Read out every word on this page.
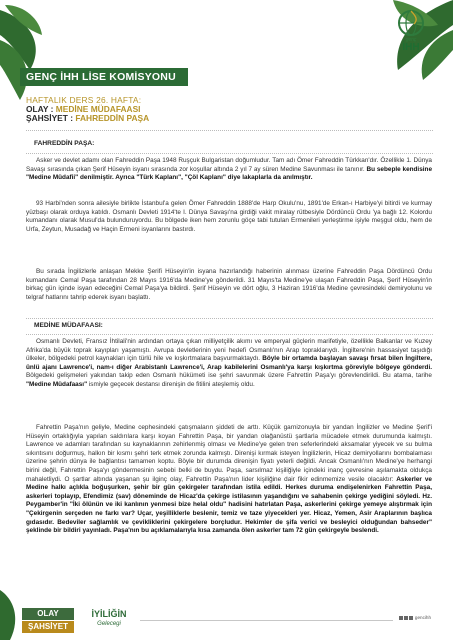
genç
İHH
GENÇ İHH LİSE KOMİSYONU
HAFTALIK DERS 26. HAFTA:
OLAY : MEDİNE MÜDAFAASI
ŞAHSİYET : FAHREDDİN PAŞA
FAHREDDİN PAŞA:

Asker ve devlet adamı olan Fahreddin Paşa 1948 Ruşçuk Bulgaristan doğumludur. Tam adı Ömer Fahreddin Türkkan'dır. Özellikle 1. Dünya Savaşı sırasında çıkan Şerif Hüseyin isyanı sırasında zor koşullar altında 2 yıl 7 ay süren Medine Savunması ile tanınır. Bu sebeple kendisine "Medine Müdafii" denilmiştir. Ayrıca "Türk Kaplanı", "Çöl Kaplanı" diye lakaplarla da anılmıştır.

93 Harbi'nden sonra ailesiyle birlikte İstanbul'a gelen Ömer Fahreddin 1888'de Harp Okulu'nu, 1891'de Erkan-ı Harbiye'yi bitirdi ve kurmay yüzbaşı olarak orduya katıldı. Osmanlı Devleti 1914'te I. Dünya Savaşı'na girdiği vakit miralay rütbesiyle Dördüncü Ordu 'ya bağlı 12. Kolordu kumandanı olarak Musul'da bulunduruyordu. Bu bölgede iken hem zorunlu göçe tabi tutulan Ermenileri yerleştirme işiyle meşgul oldu, hem de Urfa, Zeytun, Musadağ ve Haçin Ermeni isyanlarını bastırdı.

Bu sırada İngilizlerle anlaşan Mekke Şerifi Hüseyin'in isyana hazırlandığı haberinin alınması üzerine Fahreddin Paşa Dördüncü Ordu kumandanı Cemal Paşa tarafından 28 Mayıs 1916'da Medine'ye gönderildi. 31 Mayıs'ta Medine'ye ulaşan Fahreddin Paşa, Şerif Hüseyin'in birkaç gün içinde isyan edeceğini Cemal Paşa'ya bildirdi. Şerif Hüseyin ve dört oğlu, 3 Haziran 1916'da Medine çevresindeki demiryolunu ve telgraf hatlarını tahrip ederek isyanı başlattı.

MEDİNE MÜDAFAASI:

Osmanlı Devleti, Fransız İhtilali'nin ardından ortaya çıkan milliyetçilik akımı ve emperyal güçlerin marifetiyle, özellikle Balkanlar ve Kuzey Afrika'da büyük toprak kayıpları yaşamıştı. Avrupa devletlerinin yeni hedefi Osmanlı'nın Arap topraklarıydı. İngiltere'nin hassasiyet taşıdığı ülkeler, bölgedeki petrol kaynakları için türlü hile ve kışkırtmalara başvurmaktaydı. Böyle bir ortamda başlayan savaşı fırsat bilen İngiltere, ünlü ajanı Lawrence'i, nam-ı diğer Arabistanlı Lawrence'i, Arap kabilelerini Osmanlı'ya karşı kışkırtma göreviyle bölgeye gönderdi. Bölgedeki gelişmeleri yakından takip eden Osmanlı hükümeti ise şehri savunmak üzere Fahrettin Paşa'yı görevlendirildi. Bu atama, tarihe "Medine Müdafaası" ismiyle geçecek destansı direnişin de fitilini ateşlemiş oldu.

Fahrettin Paşa'nın geliyle, Medine cephesindeki çatışmaların şiddeti de arttı. Küçük garnizonuyla bir yandan İngilizler ve Medine Şerif'i Hüseyin ortaklığıyla yapılan saldırılara karşı koyan Fahrettin Paşa, bir yandan olağanüstü şartlarla mücadele etmek durumunda kalmıştı. Lawrence ve adamları tarafından su kaynaklarının zehirlenmiş olması ve Medine'ye gelen tren seferlerindeki aksamalar yiyecek ve su bulma sıkıntısını doğurmuş, halkın bir kısmı şehri terk etmek zorunda kalmıştı. Direnişi kırmak isteyen İngilizlerin, Hicaz demiryollarını bombalaması üzerine şehrin dünya ile bağlantısı tamamen koptu. Böyle bir durumda direnişin fiyatı yeterli değildi. Ancak Osmanlı'nın Medine'ye herhangi birini değil, Fahrettin Paşa'yı göndermesinin sebebi belki de buydu. Paşa, sarsılmaz kişiliğiyle içindeki inanç çevresine aşılamakta oldukça mahaletliydi. O şartlar altında yaşanan şu ilginç olay, Fahrettin Paşa'nın lider kişiliğine dair fikir edinmemize vesile olacaktır: Askerler ve Medine halkı açlıkla boğuşurken, şehir bir gün çekirgeler tarafından istila edildi. Herkes duruma endişelenirken Fahrettin Paşa, askerleri toplayıp, Efendimiz (sav) döneminde de Hicaz'da çekirge istilasının yaşandığını ve sahabenin çekirge yediğini söyledi. Hz. Peygamber'in "İki ölünün ve iki kanlının yenmesi bize helal oldu" hadisini hatırlatan Paşa, askerlerini çekirge yemeye alıştırmak için "Çekirgenin serçeden ne farkı var? Uçar, yeşilliklerle beslenir, temiz ve taze yiyecekleri yer. Hicaz, Yemen, Asir Araplarının başlıca gıdasıdır. Bedeviler sağlamlık ve çevikliklerini çekirgelere borçludur. Hekimler de şifa verici ve besleyici olduğundan bahseder" şeklinde bir bildiri yayınladı. Paşa'nın bu açıklamalarıyla kısa zamanda ölen askerler tam 72 gün çekirgeyle beslendi.

OLAY
ŞAHSİYET
İYİLİĞİN
Gelecegi
gencihh
